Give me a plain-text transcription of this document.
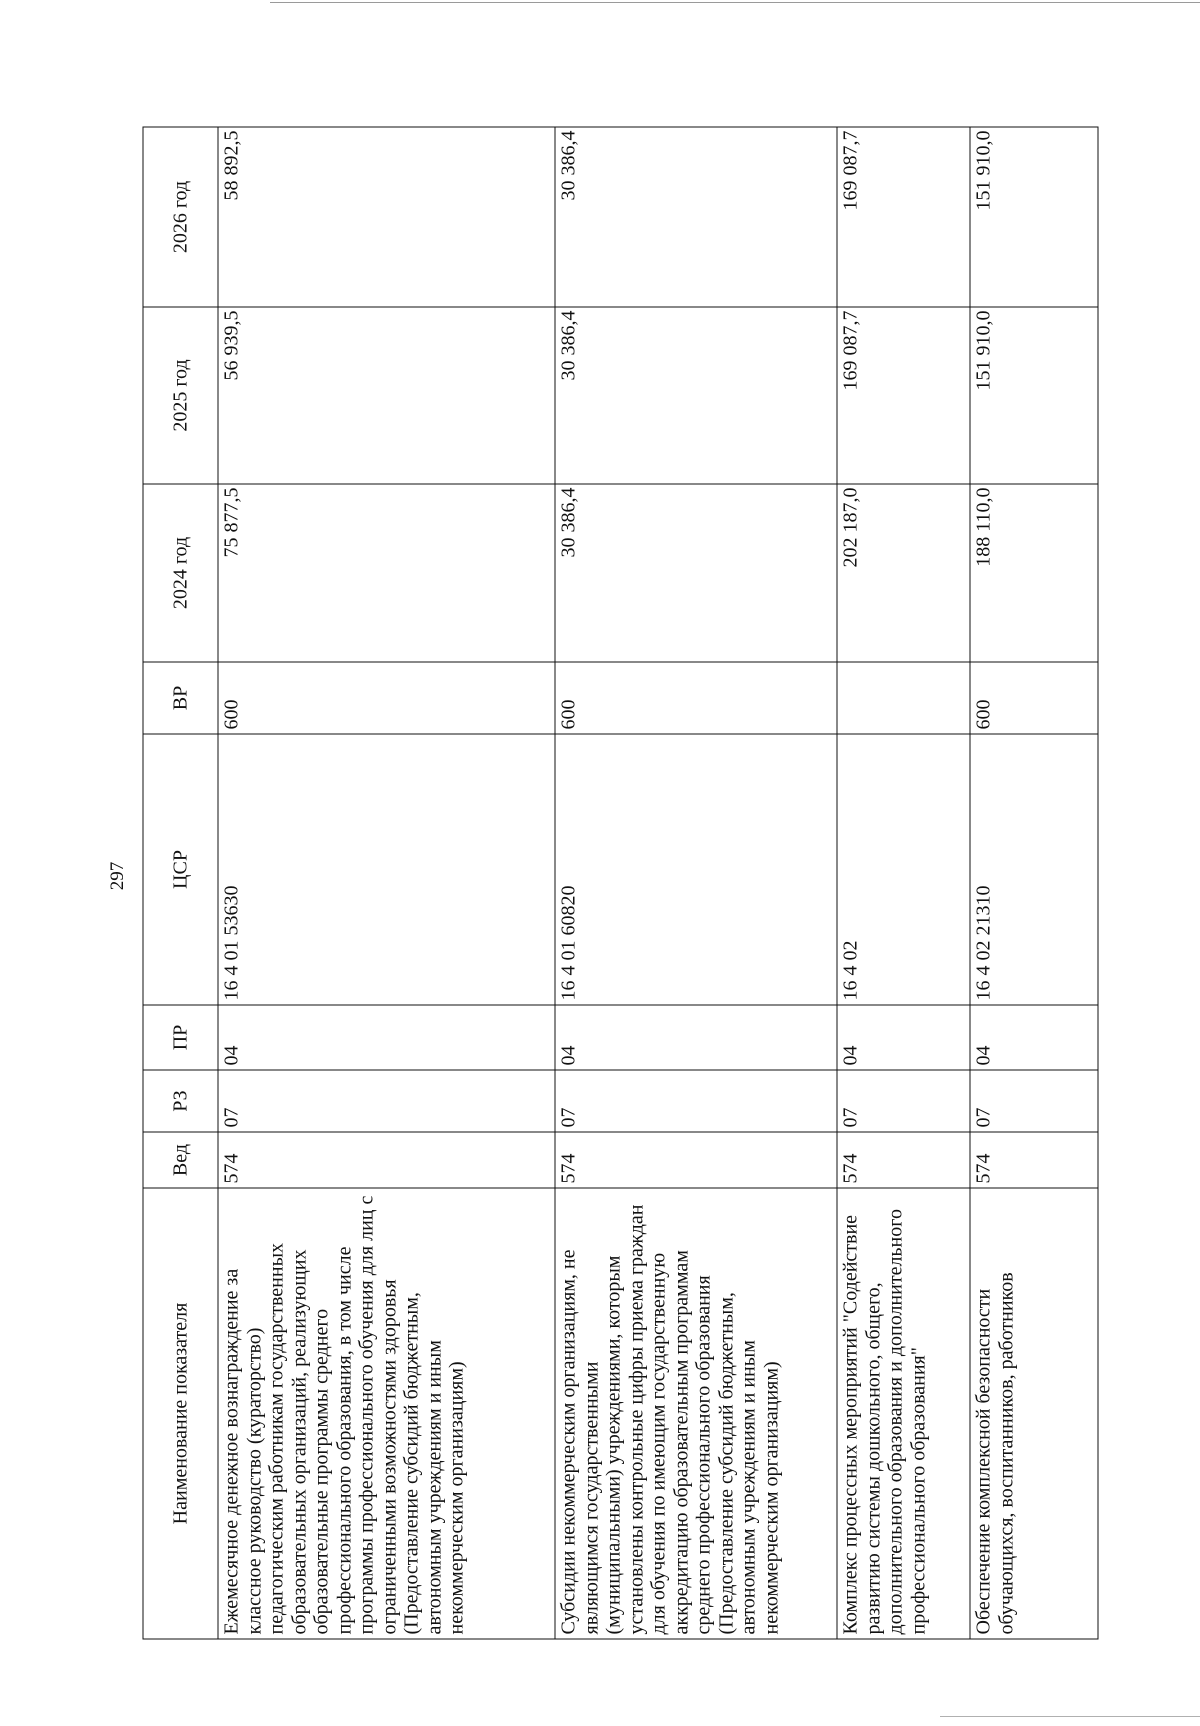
297
Наименование показателя	Вед	РЗ	ПР	ЦСР	ВР	2024 год	2025 год	2026 год
Ежемесячное денежное вознаграждение за классное руководство (кураторство) педагогическим работникам государственных образовательных организаций, реализующих образовательные программы среднего профессионального образования, в том числе программы профессионального обучения для лиц с ограниченными возможностями здоровья (Предоставление субсидий бюджетным, автономным учреждениям и иным некоммерческим организациям)	574	07	04	16 4 01 53630	600	75 877,5	56 939,5	58 892,5
Субсидии некоммерческим организациям, не являющимся государственными (муниципальными) учреждениями, которым установлены контрольные цифры приема граждан для обучения по имеющим государственную аккредитацию образовательным программам среднего профессионального образования (Предоставление субсидий бюджетным, автономным учреждениям и иным некоммерческим организациям)	574	07	04	16 4 01 60820	600	30 386,4	30 386,4	30 386,4
Комплекс процессных мероприятий "Содействие развитию системы дошкольного, общего, дополнительного образования и дополнительного профессионального образования"	574	07	04	16 4 02		202 187,0	169 087,7	169 087,7
Обеспечение комплексной безопасности обучающихся, воспитанников, работников	574	07	04	16 4 02 21310	600	188 110,0	151 910,0	151 910,0
